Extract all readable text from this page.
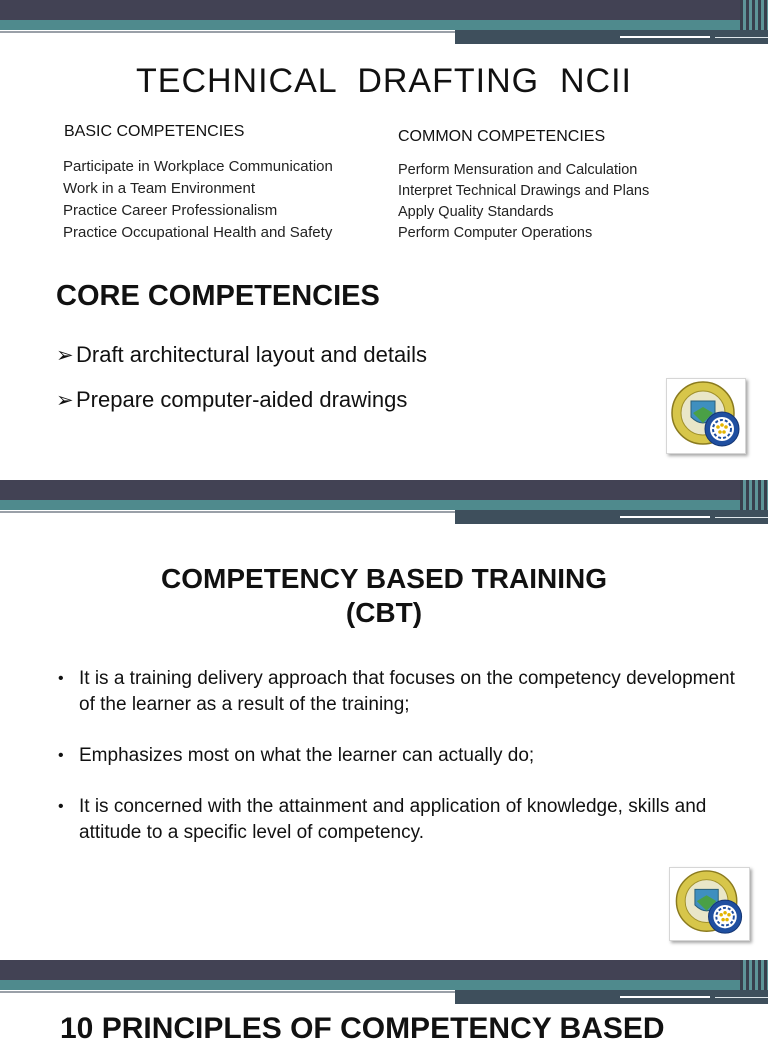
TECHNICAL  DRAFTING  NCII
BASIC COMPETENCIES
Participate in Workplace Communication
Work in a Team Environment
Practice Career Professionalism
Practice Occupational Health and Safety
COMMON COMPETENCIES
Perform Mensuration and Calculation
Interpret Technical Drawings and Plans
Apply Quality Standards
Perform Computer Operations
CORE COMPETENCIES
➢ Draft architectural layout and details
➢ Prepare computer-aided drawings
COMPETENCY BASED TRAINING
(CBT)
• It is a training delivery approach that focuses on the competency development of the learner as a result of the training;
• Emphasizes most on what the learner can actually do;
• It is concerned with the attainment and application of knowledge, skills and attitude to a specific level of competency.
10 PRINCIPLES OF COMPETENCY BASED
